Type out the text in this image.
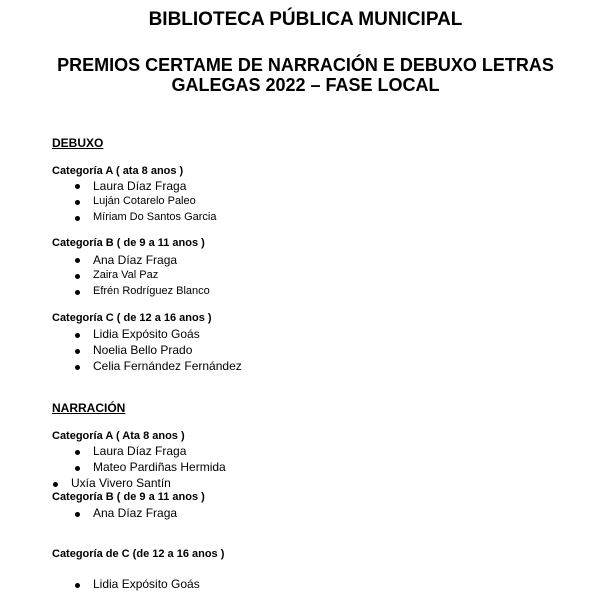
BIBLIOTECA PÚBLICA MUNICIPAL
PREMIOS CERTAME DE NARRACIÓN E DEBUXO LETRAS
GALEGAS 2022 – FASE LOCAL
DEBUXO
Categoría A ( ata 8 anos )
Laura Díaz Fraga
Luján Cotarelo Paleo
Míriam Do Santos Garcia
Categoría B ( de 9 a 11 anos )
Ana Díaz Fraga
Zaira Val Paz
Efrén Rodríguez Blanco
Categoría C ( de 12 a 16 anos )
Lidia Expósito Goás
Noelia Bello Prado
Celia Fernández Fernández
NARRACIÓN
Categoría A ( Ata 8 anos )
Laura Díaz Fraga
Mateo Pardiñas Hermida
Uxía Vivero Santín
Categoría B ( de 9 a 11 anos )
Ana Díaz Fraga
Categoría de C (de 12 a 16 anos )
Lidia Expósito Goás
